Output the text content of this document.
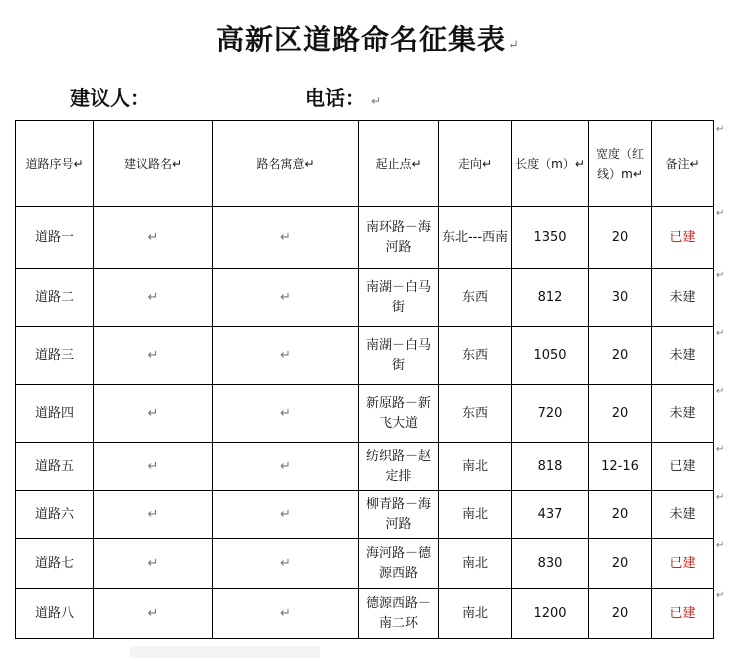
高新区道路命名征集表 ↵
建议人：	电话： ↵
道路序号↵	建议路名↵	路名寓意↵	起止点↵	走向↵	长度（m）↵	宽度（红线）m↵	备注↵
道路一	↵	↵	南环路－海河路	东北---西南	1350	20	已建
道路二	↵	↵	南湖－白马街	东西	812	30	未建
道路三	↵	↵	南湖－白马街	东西	1050	20	未建
道路四	↵	↵	新原路－新飞大道	东西	720	20	未建
道路五	↵	↵	纺织路－赵定排	南北	818	12-16	已建
道路六	↵	↵	柳青路－海河路	南北	437	20	未建
道路七	↵	↵	海河路－德源西路	南北	830	20	已建
道路八	↵	↵	德源西路－南二环	南北	1200	20	已建
↵
↵
↵
↵
↵
↵
↵
↵
↵
